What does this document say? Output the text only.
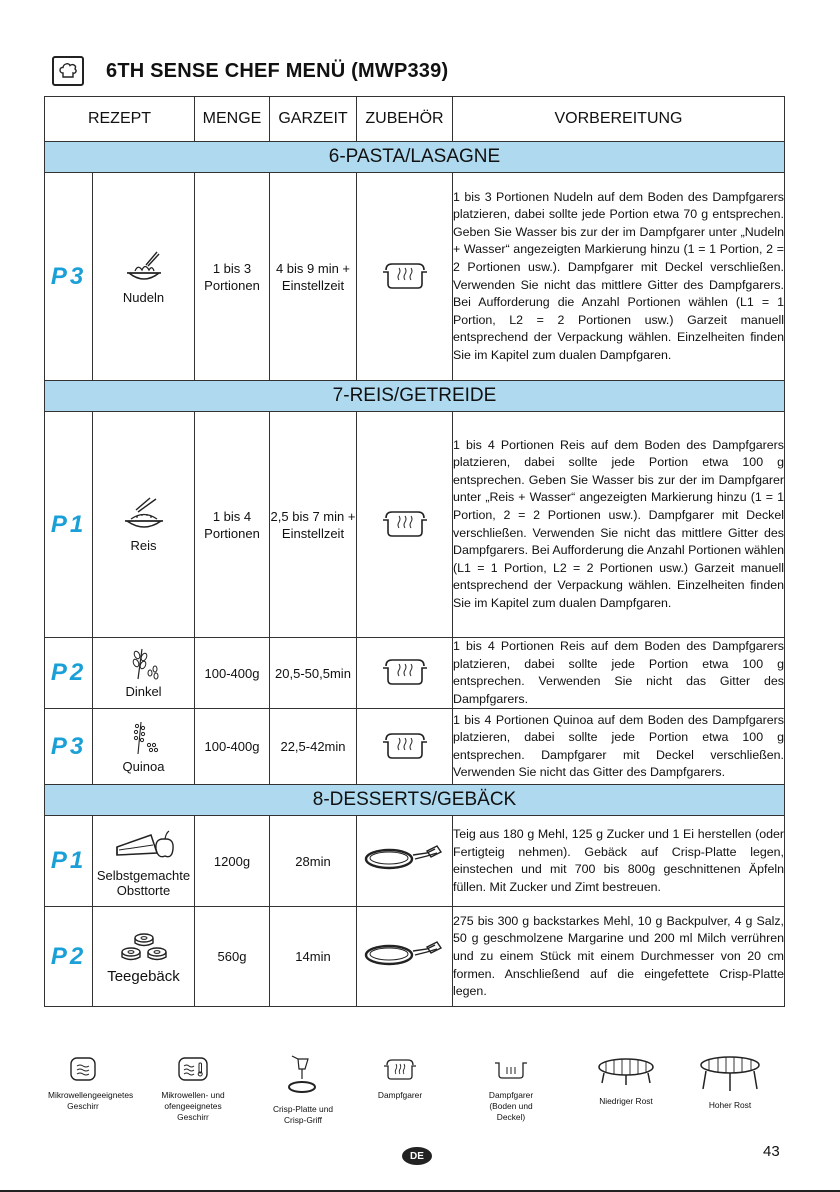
6TH SENSE CHEF MENÜ (MWP339)
REZEPT		MENGE	GARZEIT	ZUBEHÖR	VORBEREITUNG
6-PASTA/LASAGNE					
P3	Nudeln	1 bis 3 Portionen	4 bis 9 min + Einstellzeit		1 bis 3 Portionen Nudeln auf dem Boden des Dampfgarers platzieren, dabei sollte jede Portion etwa 70 g entsprechen. Geben Sie Wasser bis zur der im Dampfgarer unter „Nudeln + Wasser“ angezeigten Markierung hinzu (1 = 1 Portion, 2 = 2 Portionen usw.). Dampfgarer mit Deckel verschließen. Verwenden Sie nicht das mittlere Gitter des Dampfgarers. Bei Aufforderung die Anzahl Portionen wählen (L1 = 1 Portion, L2 = 2 Portionen usw.) Garzeit manuell entsprechend der Verpackung wählen. Einzelheiten finden Sie im Kapitel zum dualen Dampfgaren.
7-REIS/GETREIDE					
P1	Reis	1 bis 4 Portionen	2,5 bis 7 min + Einstellzeit		1 bis 4 Portionen Reis auf dem Boden des Dampfgarers platzieren, dabei sollte jede Portion etwa 100 g entsprechen. Geben Sie Wasser bis zur der im Dampfgarer unter „Reis + Wasser“ angezeigten Markierung hinzu (1 = 1 Portion, 2 = 2 Portionen usw.). Dampfgarer mit Deckel verschließen. Verwenden Sie nicht das mittlere Gitter des Dampfgarers. Bei Aufforderung die Anzahl Portionen wählen (L1 = 1 Portion, L2 = 2 Portionen usw.) Garzeit manuell entsprechend der Verpackung wählen. Einzelheiten finden Sie im Kapitel zum dualen Dampfgaren.
P2	Dinkel	100-400g	20,5-50,5min		1 bis 4 Portionen Reis auf dem Boden des Dampfgarers platzieren, dabei sollte jede Portion etwa 100 g entsprechen. Verwenden Sie nicht das Gitter des Dampfgarers.
P3	Quinoa	100-400g	22,5-42min		1 bis 4 Portionen Quinoa auf dem Boden des Dampfgarers platzieren, dabei sollte jede Portion etwa 100 g entsprechen. Dampfgarer mit Deckel verschließen. Verwenden Sie nicht das Gitter des Dampfgarers.
8-DESSERTS/GEBÄCK					
P1	Selbstgemachte Obsttorte	1200g	28min		Teig aus 180 g Mehl, 125 g Zucker und 1 Ei herstellen (oder Fertigteig nehmen). Gebäck auf Crisp-Platte legen, einstechen und mit 700 bis 800g geschnittenen Äpfeln füllen. Mit Zucker und Zimt bestreuen.
P2	Teegebäck	560g	14min		275 bis 300 g backstarkes Mehl, 10 g Backpulver, 4 g Salz, 50 g geschmolzene Margarine und 200 ml Milch verrühren und zu einem Stück mit einem Durchmesser von 20 cm formen. Anschließend auf die eingefettete Crisp-Platte legen.
Mikrowellengeeignetes Geschirr
Mikrowellen- und ofengeeignetes Geschirr
Crisp-Platte und Crisp-Griff
Dampfgarer	Dampfgarer (Boden und Deckel)
Niedriger Rost	Hoher Rost
DE	43
